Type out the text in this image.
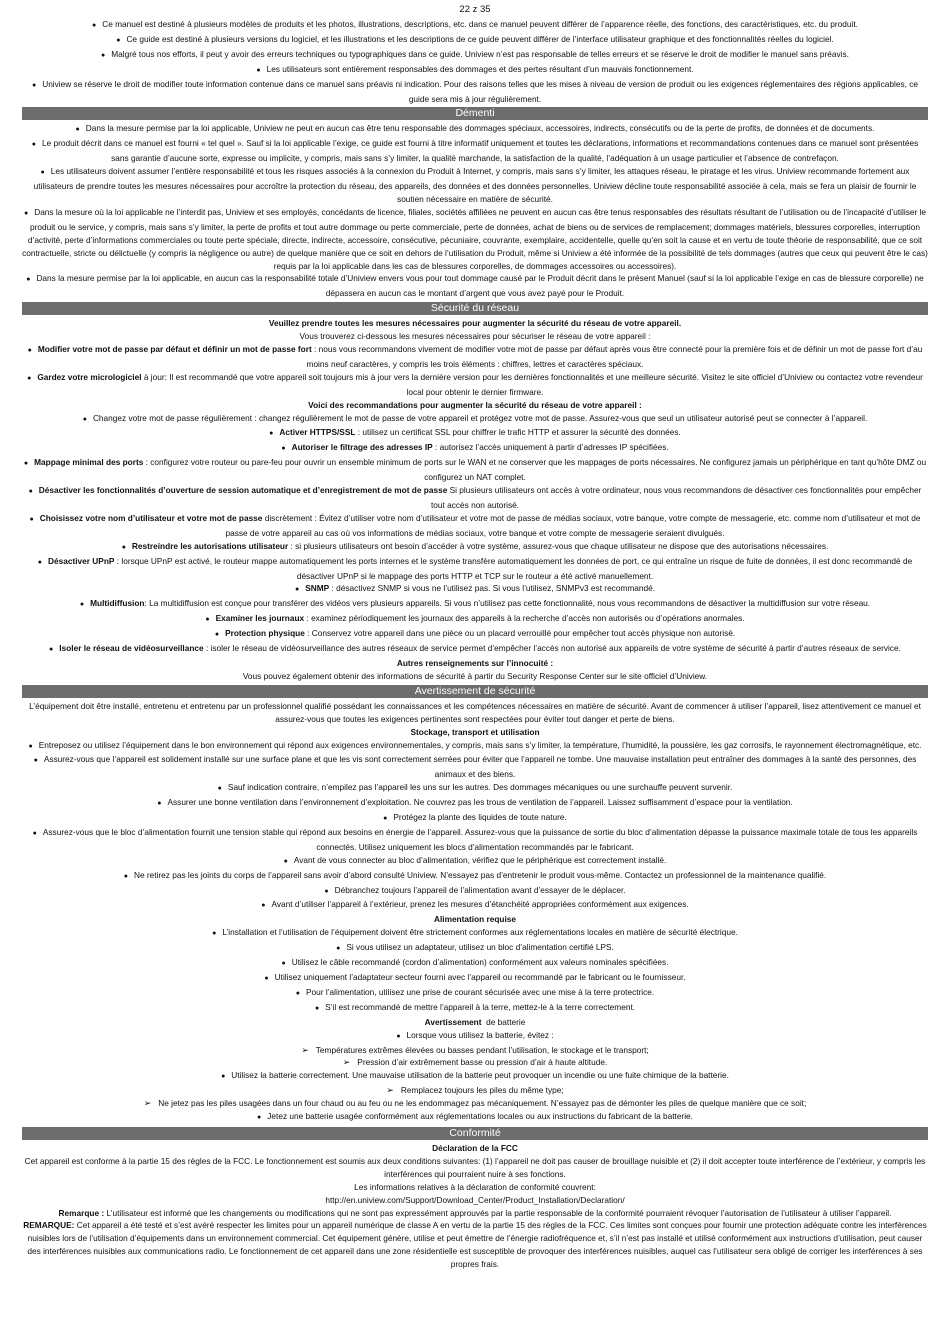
22 z 35

● Ce manuel est destiné à plusieurs modèles de produits et les photos, illustrations, descriptions, etc. dans ce manuel peuvent différer de l’apparence réelle, des fonctions, des caractéristiques, etc. du produit.

● Ce guide est destiné à plusieurs versions du logiciel, et les illustrations et les descriptions de ce guide peuvent différer de l’interface utilisateur graphique et des fonctionnalités réelles du logiciel.

● Malgré tous nos efforts, il peut y avoir des erreurs techniques ou typographiques dans ce guide. Uniview n’est pas responsable de telles erreurs et se réserve le droit de modifier le manuel sans préavis.

● Les utilisateurs sont entièrement responsables des dommages et des pertes résultant d’un mauvais fonctionnement.

● Uniview se réserve le droit de modifier toute information contenue dans ce manuel sans préavis ni indication. Pour des raisons telles que les mises à niveau de version de produit ou les exigences réglementaires des régions applicables, ce guide sera mis à jour régulièrement.

Démenti

● Dans la mesure permise par la loi applicable, Uniview ne peut en aucun cas être tenu responsable des dommages spéciaux, accessoires, indirects, consécutifs ou de la perte de profits, de données et de documents.

● Le produit décrit dans ce manuel est fourni « tel quel ». Sauf si la loi applicable l’exige, ce guide est fourni à titre informatif uniquement et toutes les déclarations, informations et recommandations contenues dans ce manuel sont présentées sans garantie d’aucune sorte, expresse ou implicite, y compris, mais sans s’y limiter, la qualité marchande, la satisfaction de la qualité, l’adéquation à un usage particulier et l’absence de contrefaçon.

● Les utilisateurs doivent assumer l’entière responsabilité et tous les risques associés à la connexion du Produit à Internet, y compris, mais sans s’y limiter, les attaques réseau, le piratage et les virus. Uniview recommande fortement aux utilisateurs de prendre toutes les mesures nécessaires pour accroître la protection du réseau, des appareils, des données et des données personnelles. Uniview décline toute responsabilité associée à cela, mais se fera un plaisir de fournir le soutien nécessaire en matière de sécurité.

● Dans la mesure où la loi applicable ne l’interdit pas, Uniview et ses employés, concédants de licence, filiales, sociétés affiliées ne peuvent en aucun cas être tenus responsables des résultats résultant de l’utilisation ou de l’incapacité d’utiliser le produit ou le service, y compris, mais sans s’y limiter, la perte de profits et tout autre dommage ou perte commerciale, perte de données, achat de biens ou de services de remplacement; dommages matériels, blessures corporelles, interruption d’activité, perte d’informations commerciales ou toute perte spéciale, directe, indirecte, accessoire, consécutive, pécuniaire, couvrante, exemplaire, accidentelle, quelle qu’en soit la cause et en vertu de toute théorie de responsabilité, que ce soit contractuelle, stricte ou délictuelle (y compris la négligence ou autre) de quelque manière que ce soit en dehors de l’utilisation du Produit, même si Uniview a été informée de la possibilité de tels dommages (autres que ceux qui peuvent être le cas) requis par la loi applicable dans les cas de blessures corporelles, de dommages accessoires ou accessoires).

● Dans la mesure permise par la loi applicable, en aucun cas la responsabilité totale d’Uniview envers vous pour tout dommage causé par le Produit décrit dans le présent Manuel (sauf si la loi applicable l’exige en cas de blessure corporelle) ne dépassera en aucun cas le montant d’argent que vous avez payé pour le Produit.

Sécurité du réseau

Veuillez prendre toutes les mesures nécessaires pour augmenter la sécurité du réseau de votre appareil.

Vous trouverez ci-dessous les mesures nécessaires pour sécuriser le réseau de votre appareil :

● Modifier votre mot de passe par défaut et définir un mot de passe fort : nous vous recommandons vivement de modifier votre mot de passe par défaut après vous être connecté pour la première fois et de définir un mot de passe fort d’au moins neuf caractères, y compris les trois éléments : chiffres, lettres et caractères spéciaux.

● Gardez votre micrologiciel à jour: Il est recommandé que votre appareil soit toujours mis à jour vers la dernière version pour les dernières fonctionnalités et une meilleure sécurité. Visitez le site officiel d’Uniview ou contactez votre revendeur local pour obtenir le dernier firmware.

Voici des recommandations pour augmenter la sécurité du réseau de votre appareil :

● Changez votre mot de passe régulièrement : changez régulièrement le mot de passe de votre appareil et protégez votre mot de passe. Assurez-vous que seul un utilisateur autorisé peut se connecter à l’appareil.

● Activer HTTPS/SSL : utilisez un certificat SSL pour chiffrer le trafic HTTP et assurer la sécurité des données.

● Autoriser le filtrage des adresses IP : autorisez l’accès uniquement à partir d’adresses IP spécifiées.

● Mappage minimal des ports : configurez votre routeur ou pare-feu pour ouvrir un ensemble minimum de ports sur le WAN et ne conserver que les mappages de ports nécessaires. Ne configurez jamais un périphérique en tant qu’hôte DMZ ou configurez un NAT complet.

● Désactiver les fonctionnalités d’ouverture de session automatique et d’enregistrement de mot de passe Si plusieurs utilisateurs ont accès à votre ordinateur, nous vous recommandons de désactiver ces fonctionnalités pour empêcher tout accès non autorisé.

● Choisissez votre nom d’utilisateur et votre mot de passe discrètement : Évitez d’utiliser votre nom d’utilisateur et votre mot de passe de médias sociaux, votre banque, votre compte de messagerie, etc. comme nom d’utilisateur et mot de passe de votre appareil au cas où vos informations de médias sociaux, votre banque et votre compte de messagerie seraient divulgués.

● Restreindre les autorisations utilisateur : si plusieurs utilisateurs ont besoin d’accéder à votre système, assurez-vous que chaque utilisateur ne dispose que des autorisations nécessaires.

● Désactiver UPnP : lorsque UPnP est activé, le routeur mappe automatiquement les ports internes et le système transfère automatiquement les données de port, ce qui entraîne un risque de fuite de données, il est donc recommandé de désactiver UPnP si le mappage des ports HTTP et TCP sur le routeur a été activé manuellement.

● SNMP : désactivez SNMP si vous ne l’utilisez pas. Si vous l’utilisez, SNMPv3 est recommandé.

● Multidiffusion: La multidiffusion est conçue pour transférer des vidéos vers plusieurs appareils. Si vous n’utilisez pas cette fonctionnalité, nous vous recommandons de désactiver la multidiffusion sur votre réseau.

● Examiner les journaux : examinez périodiquement les journaux des appareils à la recherche d’accès non autorisés ou d’opérations anormales.

● Protection physique : Conservez votre appareil dans une pièce ou un placard verrouillé pour empêcher tout accès physique non autorisé.

● Isoler le réseau de vidéosurveillance : isoler le réseau de vidéosurveillance des autres réseaux de service permet d’empêcher l’accès non autorisé aux appareils de votre système de sécurité à partir d’autres réseaux de service.

Autres renseignements sur l’innocuité :

Vous pouvez également obtenir des informations de sécurité à partir du Security Response Center sur le site officiel d’Uniview.

Avertissement de sécurité

L’équipement doit être installé, entretenu et entretenu par un professionnel qualifié possédant les connaissances et les compétences nécessaires en matière de sécurité. Avant de commencer à utiliser l’appareil, lisez attentivement ce manuel et assurez-vous que toutes les exigences pertinentes sont respectées pour éviter tout danger et perte de biens.

Stockage, transport et utilisation

● Entreposez ou utilisez l’équipement dans le bon environnement qui répond aux exigences environnementales, y compris, mais sans s’y limiter, la température, l’humidité, la poussière, les gaz corrosifs, le rayonnement électromagnétique, etc.

● Assurez-vous que l’appareil est solidement installé sur une surface plane et que les vis sont correctement serrées pour éviter que l’appareil ne tombe. Une mauvaise installation peut entraîner des dommages à la santé des personnes, des animaux et des biens.

● Sauf indication contraire, n’empilez pas l’appareil les uns sur les autres. Des dommages mécaniques ou une surchauffe peuvent survenir.

● Assurer une bonne ventilation dans l’environnement d’exploitation. Ne couvrez pas les trous de ventilation de l’appareil. Laissez suffisamment d’espace pour la ventilation.

● Protégez la plante des liquides de toute nature.

● Assurez-vous que le bloc d’alimentation fournit une tension stable qui répond aux besoins en énergie de l’appareil. Assurez-vous que la puissance de sortie du bloc d’alimentation dépasse la puissance maximale totale de tous les appareils connectés. Utilisez uniquement les blocs d’alimentation recommandés par le fabricant.

● Avant de vous connecter au bloc d’alimentation, vérifiez que le périphérique est correctement installé.

● Ne retirez pas les joints du corps de l’appareil sans avoir d’abord consulté Uniview. N’essayez pas d’entretenir le produit vous-même. Contactez un professionnel de la maintenance qualifié.

● Débranchez toujours l’appareil de l’alimentation avant d’essayer de le déplacer.

● Avant d’utiliser l’appareil à l’extérieur, prenez les mesures d’étanchéité appropriées conformément aux exigences.

Alimentation requise

● L’installation et l’utilisation de l’équipement doivent être strictement conformes aux réglementations locales en matière de sécurité électrique.

● Si vous utilisez un adaptateur, utilisez un bloc d’alimentation certifié LPS.

● Utilisez le câble recommandé (cordon d’alimentation) conformément aux valeurs nominales spécifiées.

● Utilisez uniquement l’adaptateur secteur fourni avec l’appareil ou recommandé par le fabricant ou le fournisseur.

● Pour l’alimentation, utilisez une prise de courant sécurisée avec une mise à la terre protectrice.

● S’il est recommandé de mettre l’appareil à la terre, mettez-le à la terre correctement.

Avertissement de batterie

● Lorsque vous utilisez la batterie, évitez :

➢ Températures extrêmes élevées ou basses pendant l’utilisation, le stockage et le transport;

➢ Pression d’air extrêmement basse ou pression d’air à haute altitude.

● Utilisez la batterie correctement. Une mauvaise utilisation de la batterie peut provoquer un incendie ou une fuite chimique de la batterie.

➢ Remplacez toujours les piles du même type;

➢ Ne jetez pas les piles usagées dans un four chaud ou au feu ou ne les endommagez pas mécaniquement. N’essayez pas de démonter les piles de quelque manière que ce soit;

● Jetez une batterie usagée conformément aux réglementations locales ou aux instructions du fabricant de la batterie.

Conformité

Déclaration de la FCC

Cet appareil est conforme à la partie 15 des règles de la FCC. Le fonctionnement est soumis aux deux conditions suivantes: (1) l’appareil ne doit pas causer de brouillage nuisible et (2) il doit accepter toute interférence de l’extérieur, y compris les interférences qui pourraient nuire à ses fonctions.

Les informations relatives à la déclaration de conformité couvrent:

http://en.uniview.com/Support/Download_Center/Product_Installation/Declaration/

Remarque : L’utilisateur est informé que les changements ou modifications qui ne sont pas expressément approuvés par la partie responsable de la conformité pourraient révoquer l’autorisation de l’utilisateur à utiliser l’appareil.

REMARQUE: Cet appareil a été testé et s’est avéré respecter les limites pour un appareil numérique de classe A en vertu de la partie 15 des règles de la FCC. Ces limites sont conçues pour fournir une protection adéquate contre les interférences nuisibles lors de l’utilisation d’équipements dans un environnement commercial. Cet équipement génère, utilise et peut émettre de l’énergie radiofréquence et, s’il n’est pas installé et utilisé conformément aux instructions d’utilisation, peut causer des interférences nuisibles aux communications radio. Le fonctionnement de cet appareil dans une zone résidentielle est susceptible de provoquer des interférences nuisibles, auquel cas l’utilisateur sera obligé de corriger les interférences à ses propres frais.
